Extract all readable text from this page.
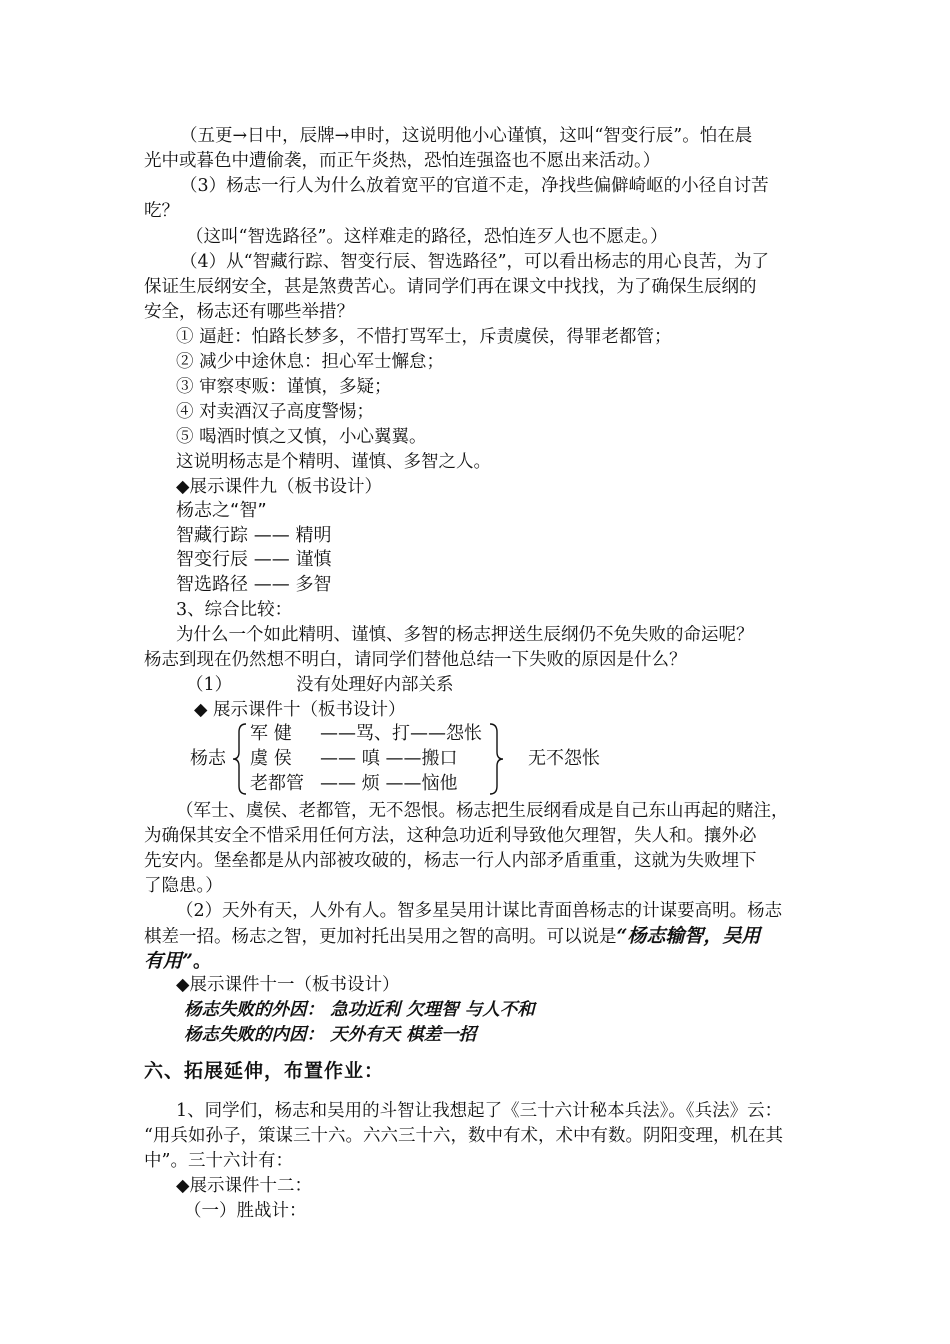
（五更→日中，辰牌→申时，这说明他小心谨慎，这叫“智变行辰”。怕在晨
光中或暮色中遭偷袭，而正午炎热，恐怕连强盗也不愿出来活动。）
（3）杨志一行人为什么放着宽平的官道不走，净找些偏僻崎岖的小径自讨苦
吃？
（这叫“智选路径”。这样难走的路径，恐怕连歹人也不愿走。）
（4）从“智藏行踪、智变行辰、智选路径”，可以看出杨志的用心良苦，为了
保证生辰纲安全，甚是煞费苦心。请同学们再在课文中找找，为了确保生辰纲的
安全，杨志还有哪些举措？
① 逼赶：怕路长梦多，不惜打骂军士，斥责虞侯，得罪老都管；
② 减少中途休息：担心军士懈怠；
③ 审察枣贩：谨慎，多疑；
④ 对卖酒汉子高度警惕；
⑤ 喝酒时慎之又慎，小心翼翼。
这说明杨志是个精明、谨慎、多智之人。
◆展示课件九（板书设计）
杨志之“智”
智藏行踪 —— 精明
智变行辰 —— 谨慎
智选路径 —— 多智
3、综合比较：
为什么一个如此精明、谨慎、多智的杨志押送生辰纲仍不免失败的命运呢？
杨志到现在仍然想不明白，请同学们替他总结一下失败的原因是什么？
（1）	没有处理好内部关系
◆ 展示课件十（板书设计）
杨志
军 健 ——骂、打——怨怅
虞 侯 —— 嗔 ——搬口
老都管 —— 烦 ——恼他
无不怨怅
（军士、虞侯、老都管，无不怨恨。杨志把生辰纲看成是自己东山再起的赌注，
为确保其安全不惜采用任何方法，这种急功近利导致他欠理智，失人和。攘外必
先安内。堡垒都是从内部被攻破的，杨志一行人内部矛盾重重，这就为失败埋下
了隐患。）
（2）天外有天，人外有人。智多星吴用计谋比青面兽杨志的计谋要高明。杨志
棋差一招。杨志之智，更加衬托出吴用之智的高明。可以说是“杨志输智，吴用
有用”。
◆展示课件十一（板书设计）
杨志失败的外因： 急功近利 欠理智 与人不和
杨志失败的内因： 天外有天 棋差一招
六、拓展延伸，布置作业：
1、同学们，杨志和吴用的斗智让我想起了《三十六计秘本兵法》。《兵法》云：
“用兵如孙子，策谋三十六。六六三十六，数中有术，术中有数。阴阳变理，机在其
中”。三十六计有：
◆展示课件十二：
（一）胜战计：
